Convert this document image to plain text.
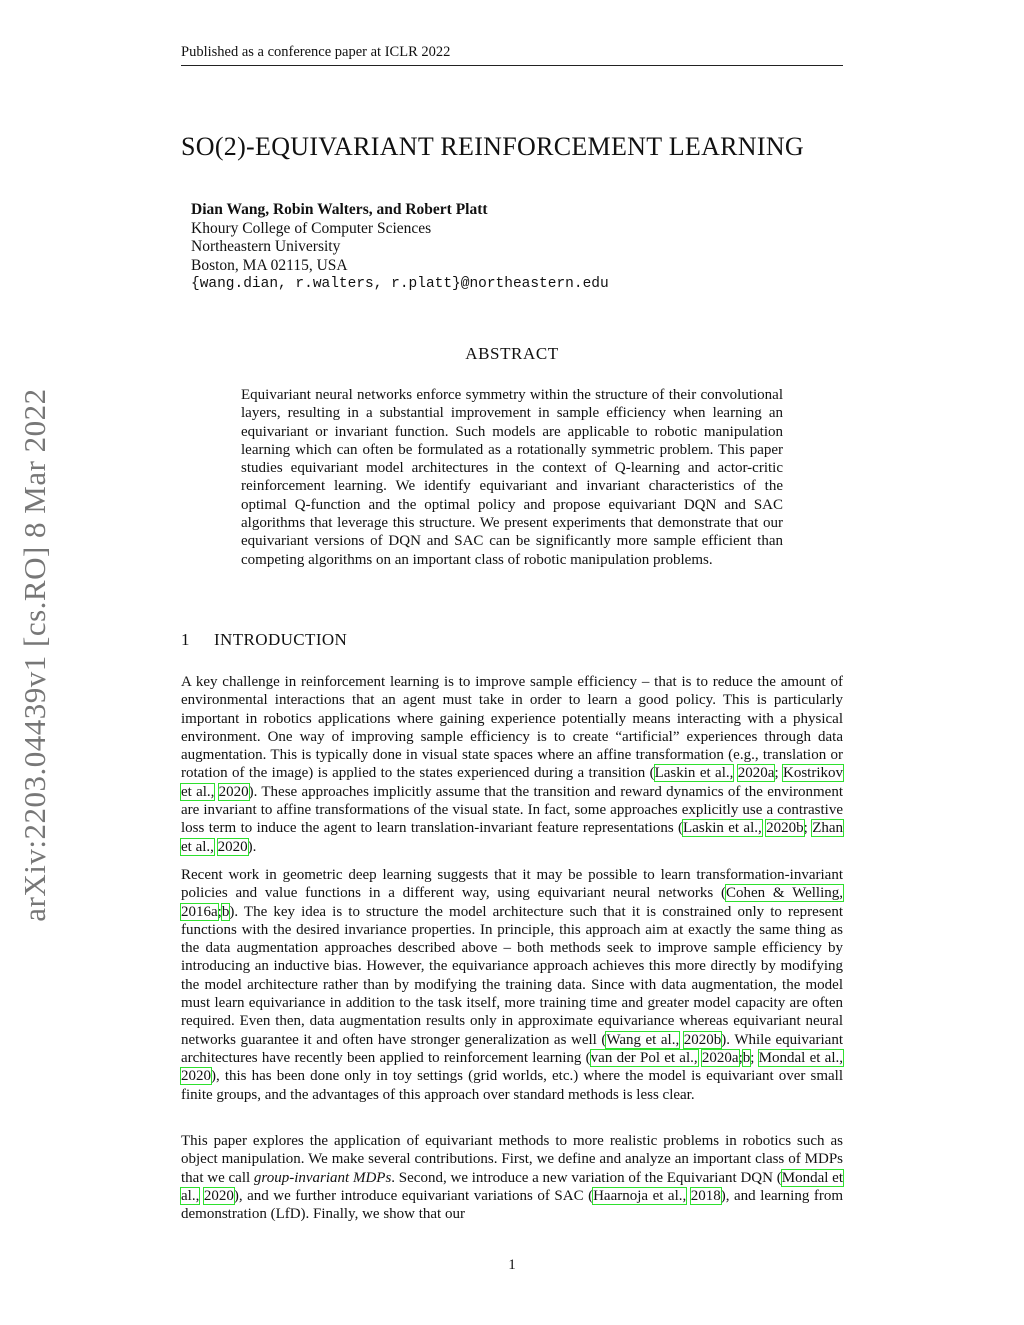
Published as a conference paper at ICLR 2022
arXiv:2203.04439v1 [cs.RO] 8 Mar 2022
SO(2)-EQUIVARIANT REINFORCEMENT LEARNING
Dian Wang, Robin Walters, and Robert Platt
Khoury College of Computer Sciences
Northeastern University
Boston, MA 02115, USA
{wang.dian, r.walters, r.platt}@northeastern.edu
ABSTRACT

Equivariant neural networks enforce symmetry within the structure of their convolutional layers, resulting in a substantial improvement in sample efficiency when learning an equivariant or invariant function. Such models are applicable to robotic manipulation learning which can often be formulated as a rotationally symmetric problem. This paper studies equivariant model architectures in the context of Q-learning and actor-critic reinforcement learning. We identify equivariant and invariant characteristics of the optimal Q-function and the optimal policy and propose equivariant DQN and SAC algorithms that leverage this structure. We present experiments that demonstrate that our equivariant versions of DQN and SAC can be significantly more sample efficient than competing algorithms on an important class of robotic manipulation problems.

1 INTRODUCTION

A key challenge in reinforcement learning is to improve sample efficiency – that is to reduce the amount of environmental interactions that an agent must take in order to learn a good policy. This is particularly important in robotics applications where gaining experience potentially means interacting with a physical environment. One way of improving sample efficiency is to create “artificial” experiences through data augmentation. This is typically done in visual state spaces where an affine transformation (e.g., translation or rotation of the image) is applied to the states experienced during a transition (Laskin et al., 2020a; Kostrikov et al., 2020). These approaches implicitly assume that the transition and reward dynamics of the environment are invariant to affine transformations of the visual state. In fact, some approaches explicitly use a contrastive loss term to induce the agent to learn translation-invariant feature representations (Laskin et al., 2020b; Zhan et al., 2020).

Recent work in geometric deep learning suggests that it may be possible to learn transformation-invariant policies and value functions in a different way, using equivariant neural networks (Cohen & Welling, 2016a;b). The key idea is to structure the model architecture such that it is constrained only to represent functions with the desired invariance properties. In principle, this approach aim at exactly the same thing as the data augmentation approaches described above – both methods seek to improve sample efficiency by introducing an inductive bias. However, the equivariance approach achieves this more directly by modifying the model architecture rather than by modifying the training data. Since with data augmentation, the model must learn equivariance in addition to the task itself, more training time and greater model capacity are often required. Even then, data augmentation results only in approximate equivariance whereas equivariant neural networks guarantee it and often have stronger generalization as well (Wang et al., 2020b). While equivariant architectures have recently been applied to reinforcement learning (van der Pol et al., 2020a;b; Mondal et al., 2020), this has been done only in toy settings (grid worlds, etc.) where the model is equivariant over small finite groups, and the advantages of this approach over standard methods is less clear.

This paper explores the application of equivariant methods to more realistic problems in robotics such as object manipulation. We make several contributions. First, we define and analyze an important class of MDPs that we call group-invariant MDPs. Second, we introduce a new variation of the Equivariant DQN (Mondal et al., 2020), and we further introduce equivariant variations of SAC (Haarnoja et al., 2018), and learning from demonstration (LfD). Finally, we show that our

1
